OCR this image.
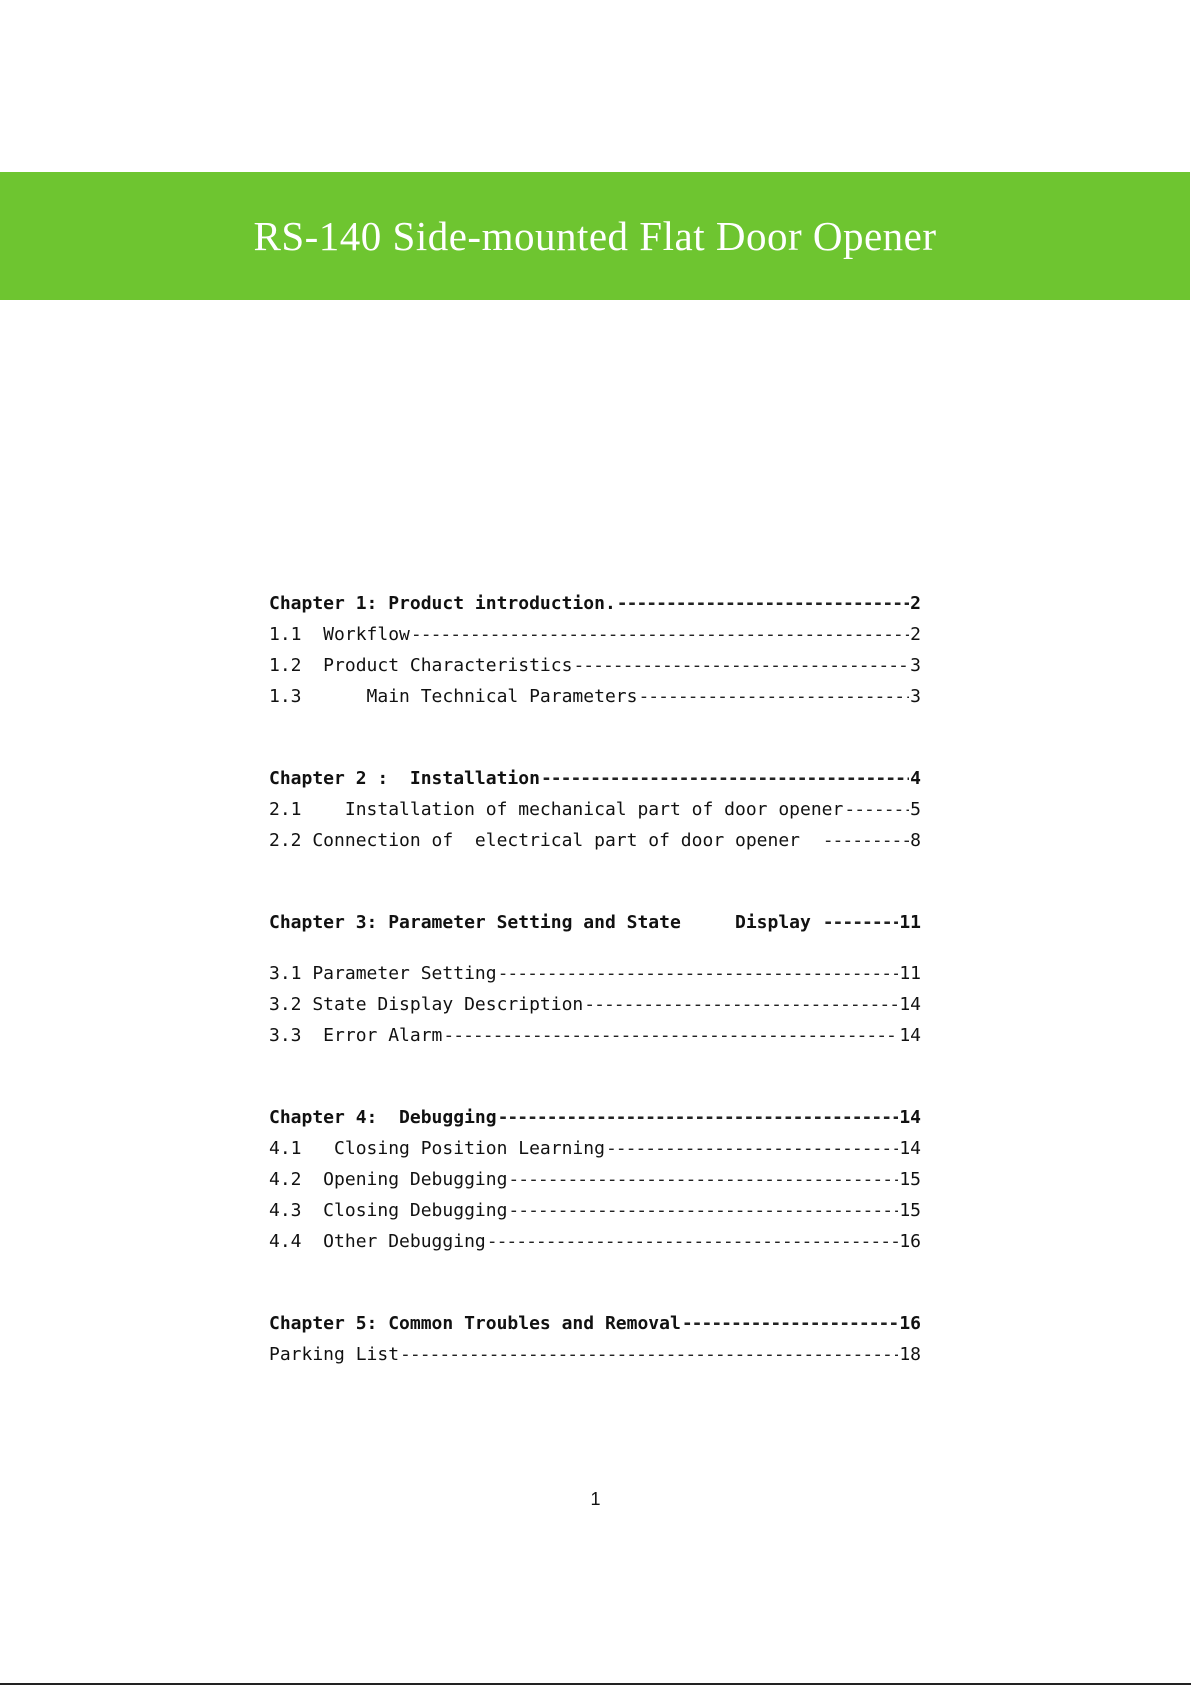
RS-140 Side-mounted Flat Door Opener
Chapter 1: Product introduction. -----	2
1.1  Workflow -----	2
1.2  Product Characteristics -----	3
1.3      Main Technical Parameters -----	3
Chapter 2 :  Installation -----	4
2.1    Installation of mechanical part of door opener -----	5
2.2 Connection of  electrical part of door opener -----	8
Chapter 3: Parameter Setting and State     Display -----	11
3.1 Parameter Setting -----	11
3.2 State Display Description -----	14
3.3  Error Alarm -----	14
Chapter 4:  Debugging -----	14
4.1   Closing Position Learning -----	14
4.2  Opening Debugging -----	15
4.3  Closing Debugging -----	15
4.4  Other Debugging -----	16
Chapter 5: Common Troubles and Removal -----	16
Parking List -----	18
1
